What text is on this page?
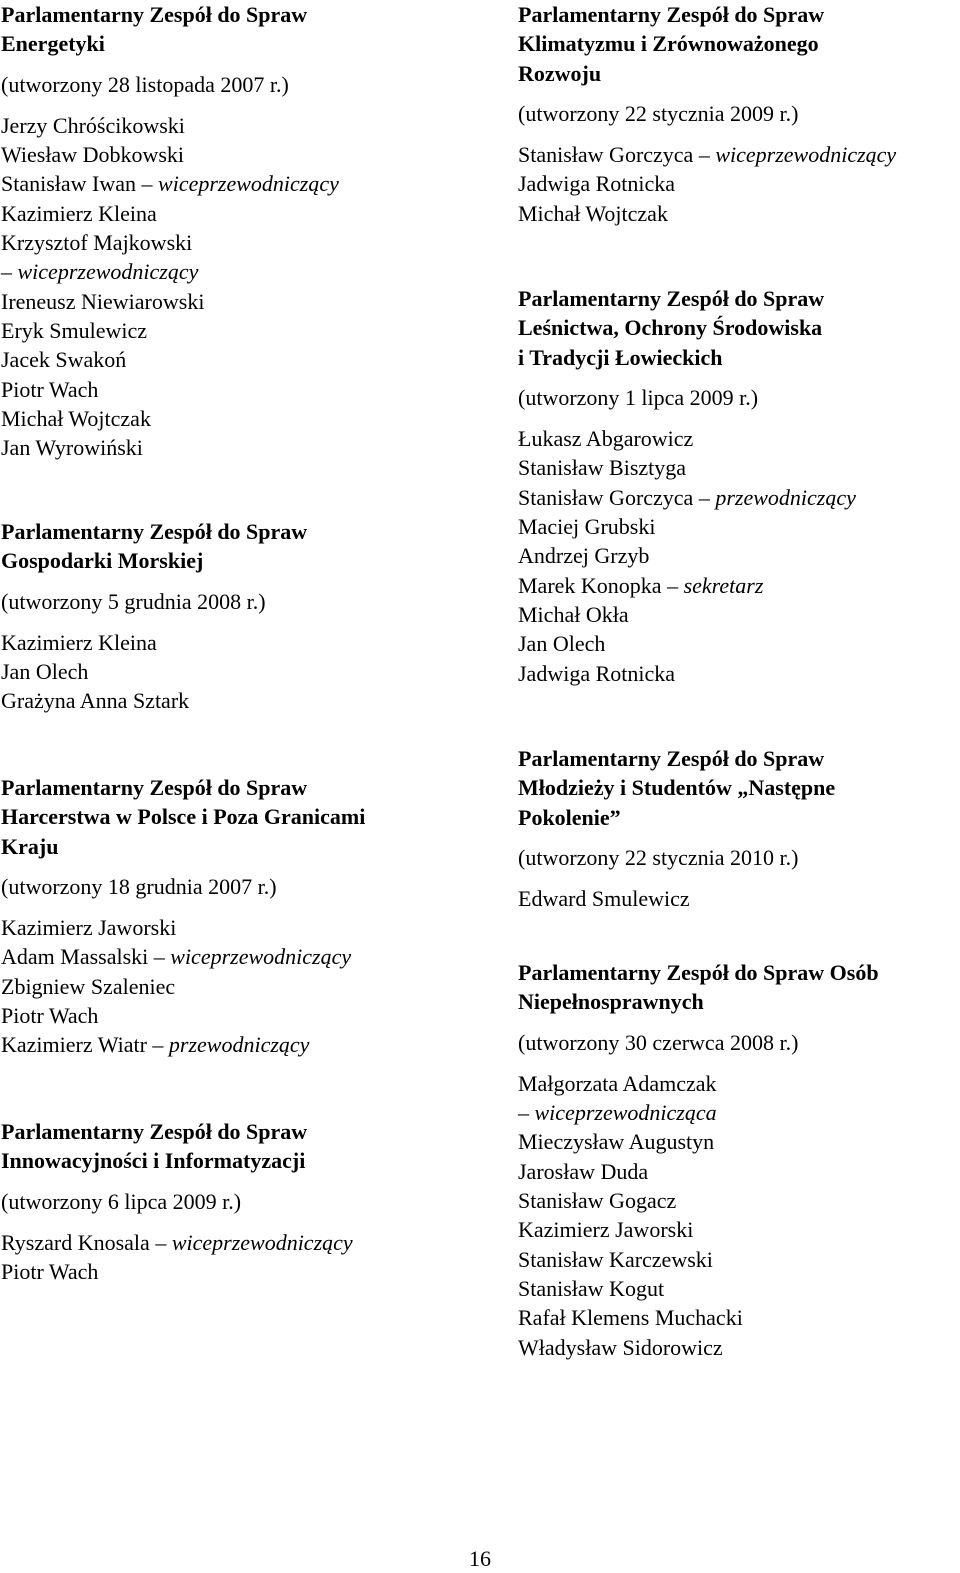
Parlamentarny Zespół do Spraw
Energetyki
(utworzony 28 listopada 2007 r.)
Jerzy Chróścikowski
Wiesław Dobkowski
Stanisław Iwan – wiceprzewodniczący
Kazimierz Kleina
Krzysztof Majkowski
– wiceprzewodniczący
Ireneusz Niewiarowski
Eryk Smulewicz
Jacek Swakoń
Piotr Wach
Michał Wojtczak
Jan Wyrowiński
Parlamentarny Zespół do Spraw
Gospodarki Morskiej
(utworzony 5 grudnia 2008 r.)
Kazimierz Kleina
Jan Olech
Grażyna Anna Sztark
Parlamentarny Zespół do Spraw
Harcerstwa w Polsce i Poza Granicami
Kraju
(utworzony 18 grudnia 2007 r.)
Kazimierz Jaworski
Adam Massalski – wiceprzewodniczący
Zbigniew Szaleniec
Piotr Wach
Kazimierz Wiatr – przewodniczący
Parlamentarny Zespół do Spraw
Innowacyjności i Informatyzacji
(utworzony 6 lipca 2009 r.)
Ryszard Knosala – wiceprzewodniczący
Piotr Wach
Parlamentarny Zespół do Spraw
Klimatyzmu i Zrównoważonego
Rozwoju
(utworzony 22 stycznia 2009 r.)
Stanisław Gorczyca – wiceprzewodniczący
Jadwiga Rotnicka
Michał Wojtczak
Parlamentarny Zespół do Spraw
Leśnictwa, Ochrony Środowiska
i Tradycji Łowieckich
(utworzony 1 lipca 2009 r.)
Łukasz Abgarowicz
Stanisław Bisztyga
Stanisław Gorczyca – przewodniczący
Maciej Grubski
Andrzej Grzyb
Marek Konopka – sekretarz
Michał Okła
Jan Olech
Jadwiga Rotnicka
Parlamentarny Zespół do Spraw
Młodzieży i Studentów „Następne
Pokolenie”
(utworzony 22 stycznia 2010 r.)
Edward Smulewicz
Parlamentarny Zespół do Spraw Osób
Niepełnosprawnych
(utworzony 30 czerwca 2008 r.)
Małgorzata Adamczak
– wiceprzewodnicząca
Mieczysław Augustyn
Jarosław Duda
Stanisław Gogacz
Kazimierz Jaworski
Stanisław Karczewski
Stanisław Kogut
Rafał Klemens Muchacki
Władysław Sidorowicz
16
